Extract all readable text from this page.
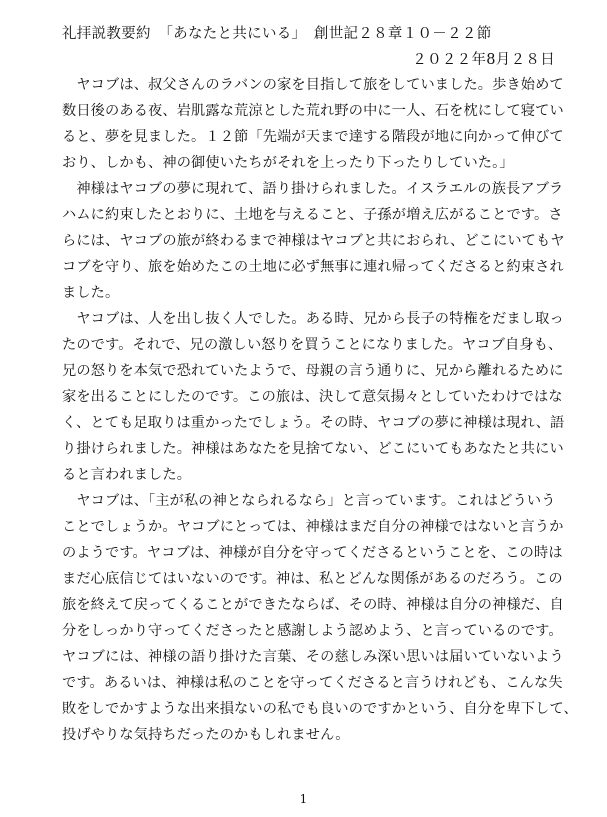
礼拝説教要約　「あなたと共にいる」　創世記２８章１０－２２節
２０２２年8月２８日
　ヤコブは、叔父さんのラバンの家を目指して旅をしていました。歩き始めて
数日後のある夜、岩肌露な荒涼とした荒れ野の中に一人、石を枕にして寝てい
ると、夢を見ました。１２節「先端が天まで達する階段が地に向かって伸びて
おり、しかも、神の御使いたちがそれを上ったり下ったりしていた。」
　神様はヤコブの夢に現れて、語り掛けられました。イスラエルの族長アブラ
ハムに約束したとおりに、土地を与えること、子孫が増え広がることです。さ
らには、ヤコブの旅が終わるまで神様はヤコブと共におられ、どこにいてもヤ
コブを守り、旅を始めたこの土地に必ず無事に連れ帰ってくださると約束され
ました。
　ヤコブは、人を出し抜く人でした。ある時、兄から長子の特権をだまし取っ
たのです。それで、兄の激しい怒りを買うことになりました。ヤコブ自身も、
兄の怒りを本気で恐れていたようで、母親の言う通りに、兄から離れるために
家を出ることにしたのです。この旅は、決して意気揚々としていたわけではな
く、とても足取りは重かったでしょう。その時、ヤコブの夢に神様は現れ、語
り掛けられました。神様はあなたを見捨てない、どこにいてもあなたと共にい
ると言われました。
　ヤコブは、「主が私の神となられるなら」と言っています。これはどういう
ことでしょうか。ヤコブにとっては、神様はまだ自分の神様ではないと言うか
のようです。ヤコブは、神様が自分を守ってくださるということを、この時は
まだ心底信じてはいないのです。神は、私とどんな関係があるのだろう。この
旅を終えて戻ってくることができたならば、その時、神様は自分の神様だ、自
分をしっかり守ってくださったと感謝しよう認めよう、と言っているのです。
ヤコブには、神様の語り掛けた言葉、その慈しみ深い思いは届いていないよう
です。あるいは、神様は私のことを守ってくださると言うけれども、こんな失
敗をしでかすような出来損ないの私でも良いのですかという、自分を卑下して、
投げやりな気持ちだったのかもしれません。
1
